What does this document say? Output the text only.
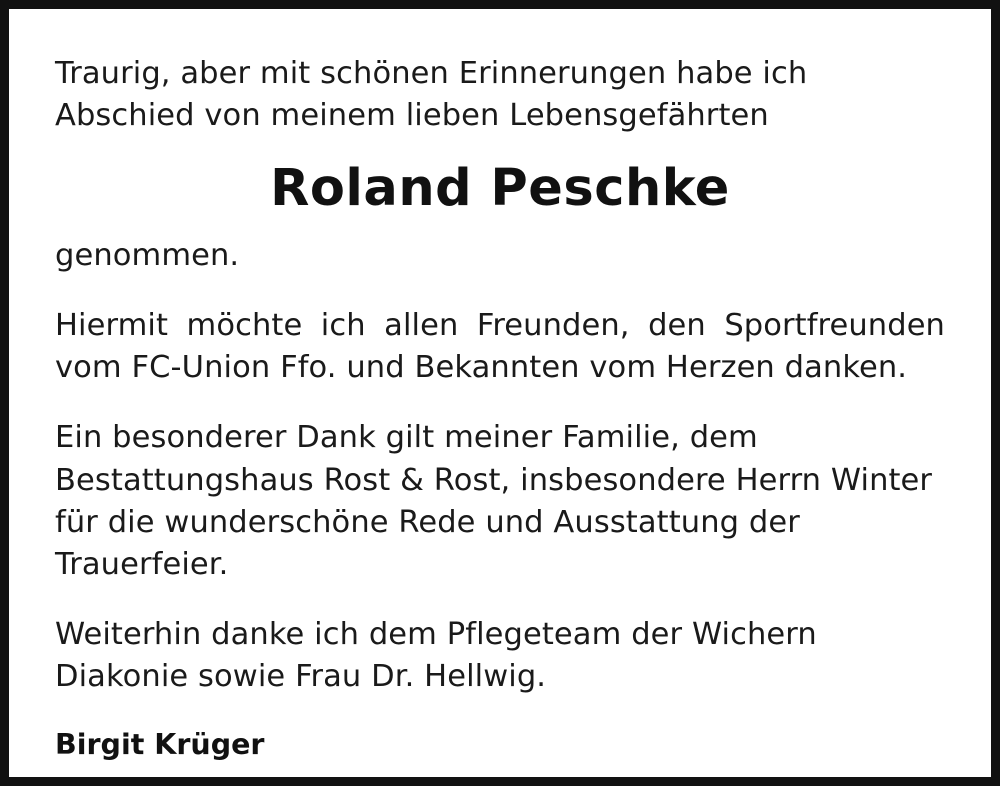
Traurig, aber mit schönen Erinnerungen habe ich Abschied von meinem lieben Lebensgefährten

Roland Peschke

genommen.

Hiermit möchte ich allen Freunden, den Sportfreunden vom FC-Union Ffo. und Bekannten vom Herzen danken.

Ein besonderer Dank gilt meiner Familie, dem Bestattungshaus Rost & Rost, insbesondere Herrn Winter für die wunderschöne Rede und Ausstattung der Trauerfeier.

Weiterhin danke ich dem Pflegeteam der Wichern Diakonie sowie Frau Dr. Hellwig.

Birgit Krüger
